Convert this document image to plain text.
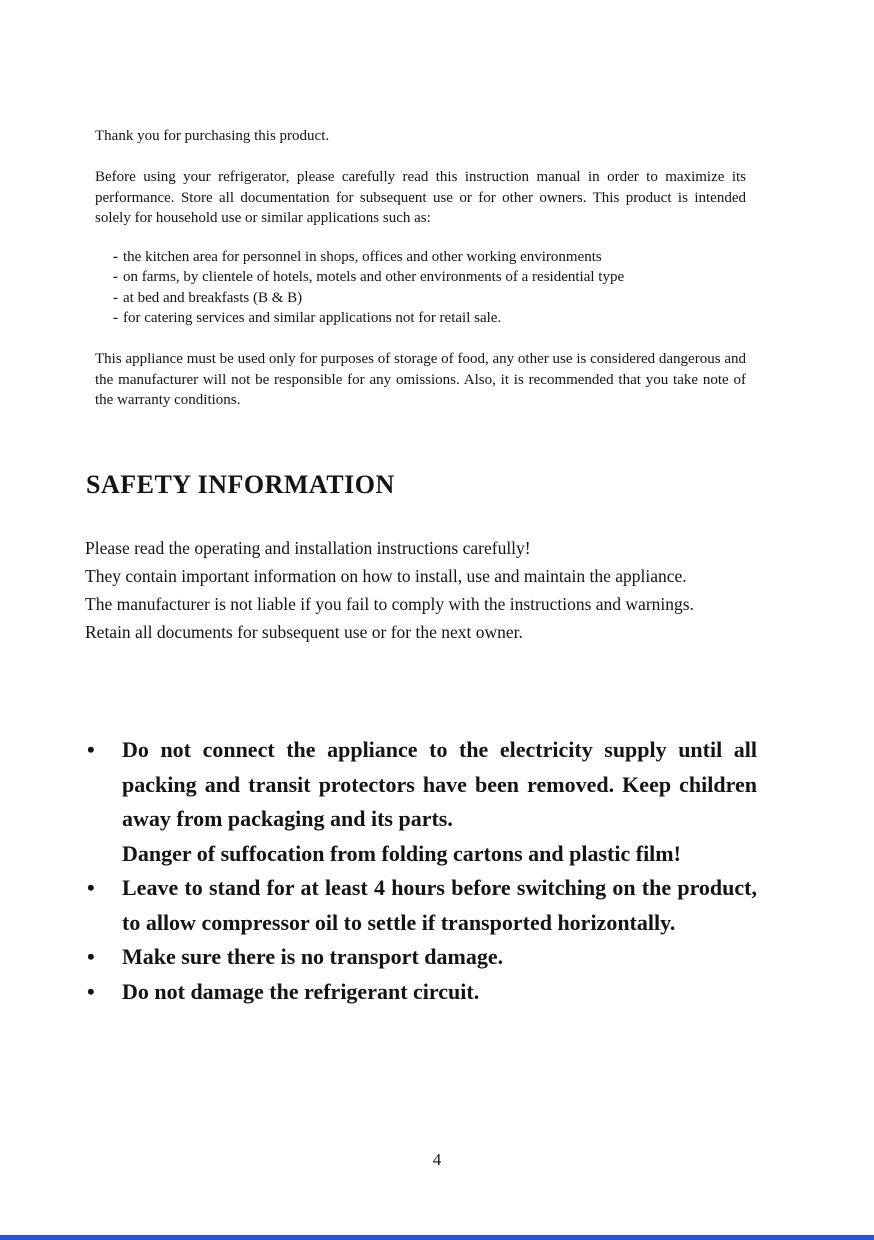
Thank you for purchasing this product.

Before using your refrigerator, please carefully read this instruction manual in order to maximize its performance. Store all documentation for subsequent use or for other owners. This product is intended solely for household use or similar applications such as:

- the kitchen area for personnel in shops, offices and other working environments
- on farms, by clientele of hotels, motels and other environments of a residential type
- at bed and breakfasts (B & B)
- for catering services and similar applications not for retail sale.

This appliance must be used only for purposes of storage of food, any other use is considered dangerous and the manufacturer will not be responsible for any omissions. Also, it is recommended that you take note of the warranty conditions.

SAFETY INFORMATION

Please read the operating and installation instructions carefully!

They contain important information on how to install, use and maintain the appliance.

The manufacturer is not liable if you fail to comply with the instructions and warnings.

Retain all documents for subsequent use or for the next owner.

• Do not connect the appliance to the electricity supply until all packing and transit protectors have been removed. Keep children away from packaging and its parts.
Danger of suffocation from folding cartons and plastic film!
• Leave to stand for at least 4 hours before switching on the product, to allow compressor oil to settle if transported horizontally.
• Make sure there is no transport damage.
• Do not damage the refrigerant circuit.

4
